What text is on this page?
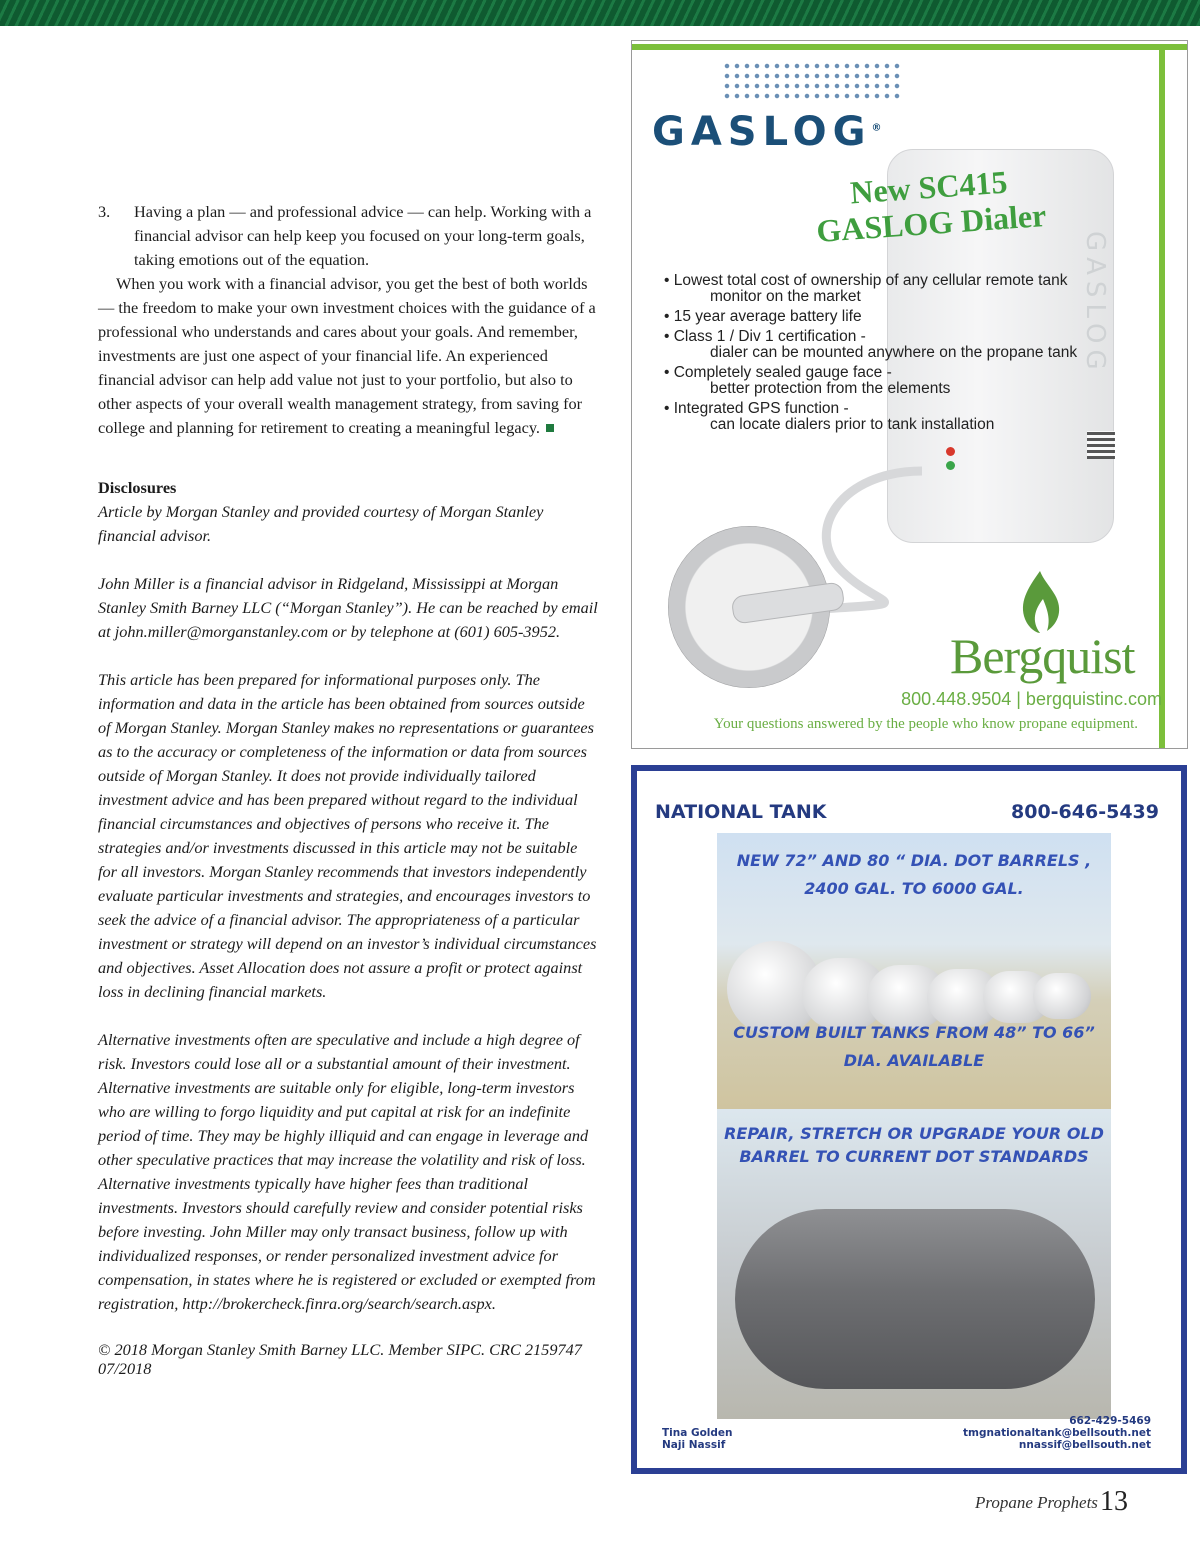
3.	Having a plan — and professional advice — can help. Working with a financial advisor can help keep you focused on your long-term goals, taking emotions out of the equation.

When you work with a financial advisor, you get the best of both worlds — the freedom to make your own investment choices with the guidance of a professional who understands and cares about your goals. And remember, investments are just one aspect of your financial life. An experienced financial advisor can help add value not just to your portfolio, but also to other aspects of your overall wealth management strategy, from saving for college and planning for retirement to creating a meaningful legacy.

Disclosures

Article by Morgan Stanley and provided courtesy of Morgan Stanley financial advisor.

John Miller is a financial advisor in Ridgeland, Mississippi at Morgan Stanley Smith Barney LLC (“Morgan Stanley”). He can be reached by email at john.miller@morganstanley.com or by telephone at (601) 605-3952.

This article has been prepared for informational purposes only. The information and data in the article has been obtained from sources outside of Morgan Stanley. Morgan Stanley makes no representations or guarantees as to the accuracy or completeness of the information or data from sources outside of Morgan Stanley. It does not provide individually tailored investment advice and has been prepared without regard to the individual financial circumstances and objectives of persons who receive it. The strategies and/or investments discussed in this article may not be suitable for all investors. Morgan Stanley recommends that investors independently evaluate particular investments and strategies, and encourages investors to seek the advice of a financial advisor. The appropriateness of a particular investment or strategy will depend on an investor’s individual circumstances and objectives. Asset Allocation does not assure a profit or protect against loss in declining financial markets.

Alternative investments often are speculative and include a high degree of risk. Investors could lose all or a substantial amount of their investment. Alternative investments are suitable only for eligible, long-term investors who are willing to forgo liquidity and put capital at risk for an indefinite period of time. They may be highly illiquid and can engage in leverage and other speculative practices that may increase the volatility and risk of loss. Alternative investments typically have higher fees than traditional investments. Investors should carefully review and consider potential risks before investing. John Miller may only transact business, follow up with individualized responses, or render personalized investment advice for compensation, in states where he is registered or excluded or exempted from registration, http://brokercheck.finra.org/search/search.aspx.

© 2018 Morgan Stanley Smith Barney LLC. Member SIPC. CRC 2159747 07/2018

GASLOG®
GASLOG
New SC415
GASLOG Dialer
• Lowest total cost of ownership of any cellular remote tank
monitor on the market
• 15 year average battery life
• Class 1 / Div 1 certification -
dialer can be mounted anywhere on the propane tank
• Completely sealed gauge face -
better protection from the elements
• Integrated GPS function -
can locate dialers prior to tank installation
Bergquist
800.448.9504 | bergquistinc.com
Your questions answered by the people who know propane equipment.
NATIONAL TANK	800-646-5439
NEW 72” AND 80 “ DIA. DOT BARRELS , 2400 GAL. TO 6000 GAL.
CUSTOM BUILT TANKS FROM 48” TO 66” DIA. AVAILABLE
REPAIR, STRETCH OR UPGRADE YOUR OLD BARREL TO CURRENT DOT STANDARDS
Tina Golden
Naji Nassif
662-429-5469
tmgnationaltank@bellsouth.net
nnassif@bellsouth.net
Propane Prophets 13
